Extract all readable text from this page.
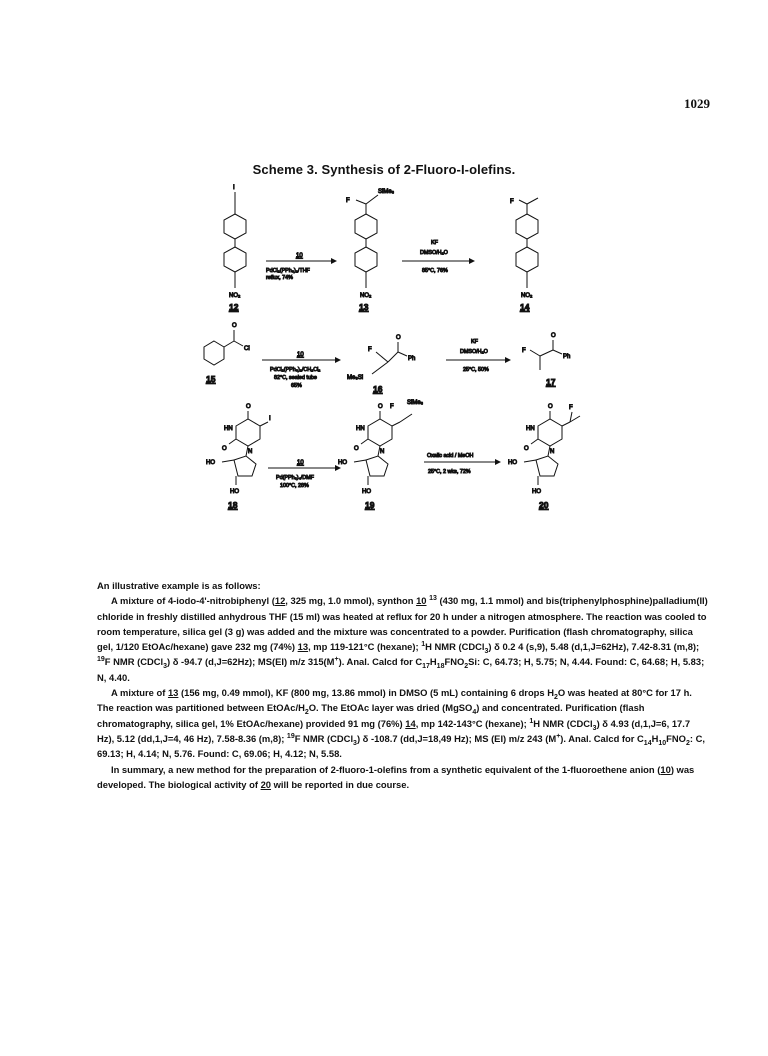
1029
Scheme 3. Synthesis of 2-Fluoro-I-olefins.
I
NO₂
12
10
PdCl₂(PPh₃)₂/THF
reflux, 74%
F
SiMe₃
NO₂
13
KF
DMSO/H₂O
85°C, 76%
F
NO₂
14
O
Cl
15
10
PdCl₂(PPh₃)₂/CH₂Cl₂
82°C, sealed tube
65%
O
F
Ph
Me₃Si
16
KF
DMSO/H₂O
25°C, 50%
O
F
Ph
17
O
HN
N
O
I
HO
HO
18
10
Pd(PPh₃)₄/DMF
100°C, 28%
O F
SiMe₃
HN
N
O
HO
HO
19
Oxalic acid / MeOH
25°C, 2 wks, 72%
O	F
HN
N
O
HO
HO
20

An illustrative example is as follows:

A mixture of 4-iodo-4'-nitrobiphenyl (12, 325 mg, 1.0 mmol), synthon 10 $^{13}$ (430 mg, 1.1 mmol) and bis(triphenylphosphine)palladium(II) chloride in freshly distilled anhydrous THF (15 ml) was heated at reflux for 20 h under a nitrogen atmosphere. The reaction was cooled to room temperature, silica gel (3 g) was added and the mixture was concentrated to a powder. Purification (flash chromatography, silica gel, 1/120 EtOAc/hexane) gave 232 mg (74%) 13, mp 119-121°C (hexane); $^1$H NMR (CDCl$_3$) δ 0.2 4 (s,9), 5.48 (d,1,J=62Hz), 7.42-8.31 (m,8); $^{19}$F NMR (CDCl$_3$) δ -94.7 (d,J=62Hz); MS(EI) m/z 315(M+). Anal. Calcd for $C_{17}H_{18}FNO_2Si$: C, 64.73; H, 5.75; N, 4.44. Found: C, 64.68; H, 5.83; N, 4.40.

A mixture of 13 (156 mg, 0.49 mmol), KF (800 mg, 13.86 mmol) in DMSO (5 mL) containing 6 drops $H_2O$ was heated at 80°C for 17 h. The reaction was partitioned between EtOAc/$H_2O$. The EtOAc layer was dried (MgSO$_4$) and concentrated. Purification (flash chromatography, silica gel, 1% EtOAc/hexane) provided 91 mg (76%) 14, mp 142-143°C (hexane); $^1$H NMR (CDCl$_3$) δ 4.93 (d,1,J=6, 17.7 Hz), 5.12 (dd,1,J=4, 46 Hz), 7.58-8.36 (m,8); $^{19}$F NMR (CDCl$_3$) δ -108.7 (dd,J=18,49 Hz); MS (EI) m/z 243 (M+). Anal. Calcd for $C_{14}H_{10}FNO_2$: C, 69.13; H, 4.14; N, 5.76. Found: C, 69.06; H, 4.12; N, 5.58.

In summary, a new method for the preparation of 2-fluoro-1-olefins from a synthetic equivalent of the 1-fluoroethene anion (10) was developed. The biological activity of 20 will be reported in due course.
